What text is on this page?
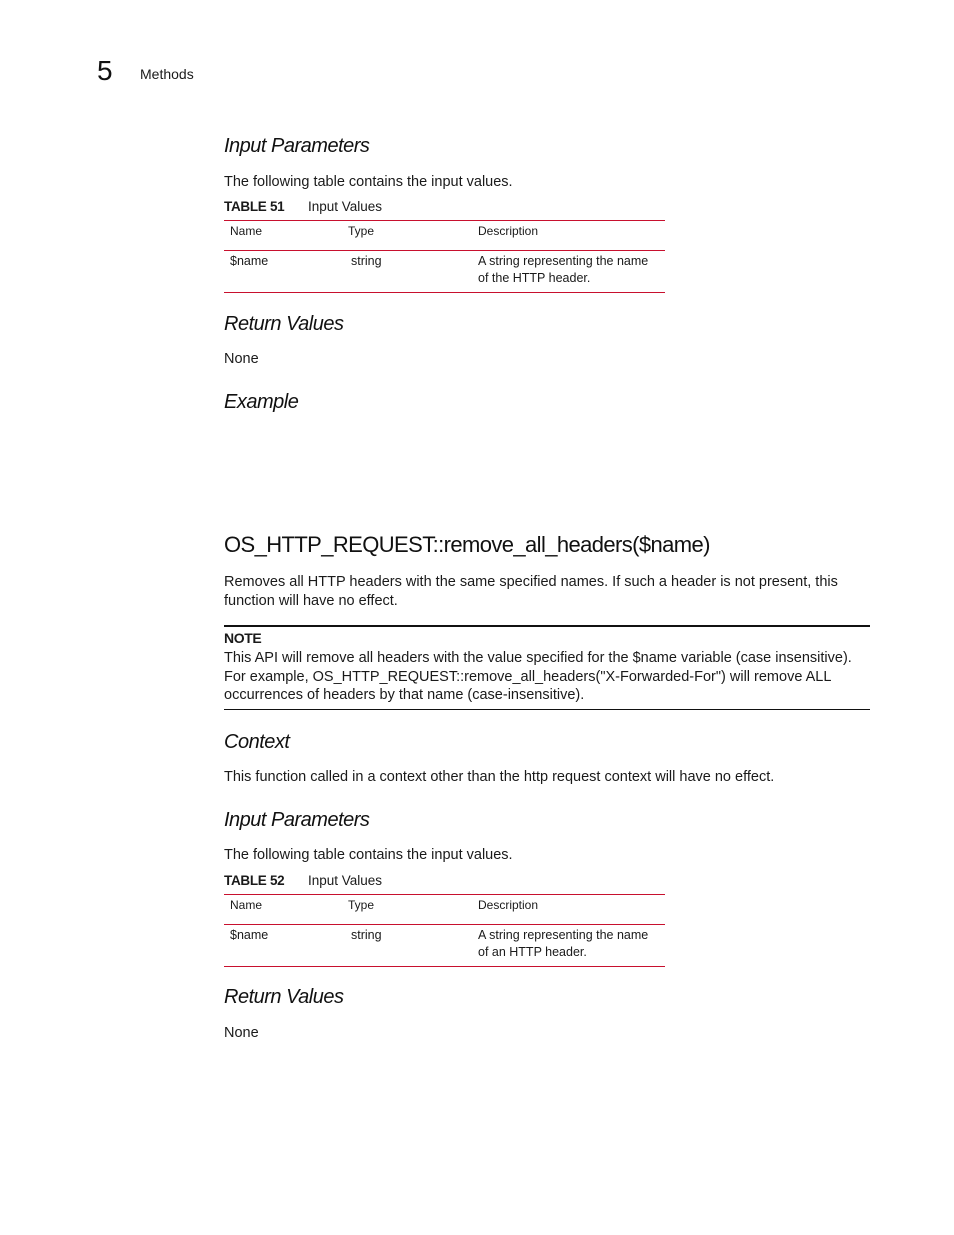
5 Methods
Input Parameters
The following table contains the input values.
TABLE 51 Input Values
Name	Type	Description
$name	string	A string representing the name of the HTTP header.
Return Values
None
Example
OS_HTTP_REQUEST::remove_all_headers($name)
Removes all HTTP headers with the same specified names. If such a header is not present, this function will have no effect.
NOTE
This API will remove all headers with the value specified for the $name variable (case insensitive). For example, OS_HTTP_REQUEST::remove_all_headers("X-Forwarded-For") will remove ALL occurrences of headers by that name (case-insensitive).
Context
This function called in a context other than the http request context will have no effect.
Input Parameters
The following table contains the input values.
TABLE 52 Input Values
Name	Type	Description
$name	string	A string representing the name of an HTTP header.
Return Values
None
